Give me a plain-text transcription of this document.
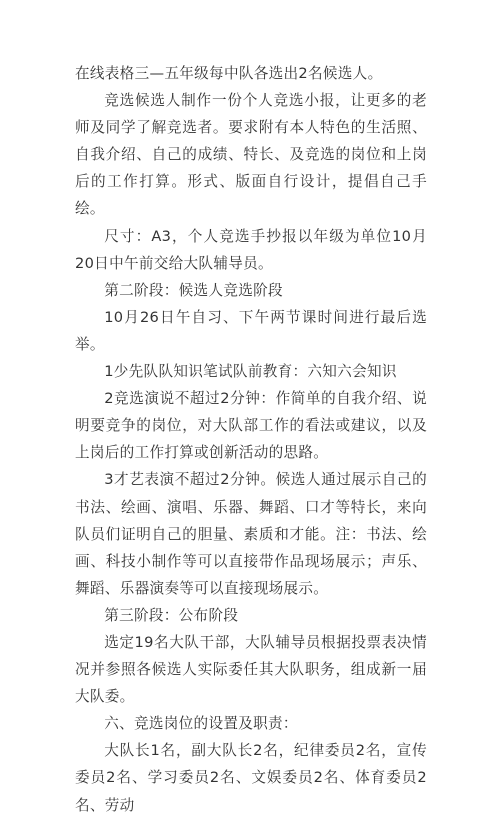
在线表格三—五年级每中队各选出2名候选人。

竞选候选人制作一份个人竞选小报，让更多的老师及同学了解竞选者。要求附有本人特色的生活照、自我介绍、自己的成绩、特长、及竞选的岗位和上岗后的工作打算。形式、版面自行设计，提倡自己手绘。

尺寸：A3，个人竞选手抄报以年级为单位10月20日中午前交给大队辅导员。

第二阶段：候选人竞选阶段

10月26日午自习、下午两节课时间进行最后选举。

1少先队队知识笔试队前教育：六知六会知识

2竞选演说不超过2分钟：作简单的自我介绍、说明要竞争的岗位，对大队部工作的看法或建议，以及上岗后的工作打算或创新活动的思路。

3才艺表演不超过2分钟。候选人通过展示自己的书法、绘画、演唱、乐器、舞蹈、口才等特长，来向队员们证明自己的胆量、素质和才能。注：书法、绘画、科技小制作等可以直接带作品现场展示；声乐、舞蹈、乐器演奏等可以直接现场展示。

第三阶段：公布阶段

选定19名大队干部，大队辅导员根据投票表决情况并参照各候选人实际委任其大队职务，组成新一届大队委。

六、竞选岗位的设置及职责：

大队长1名，副大队长2名，纪律委员2名，宣传委员2名、学习委员2名、文娱委员2名、体育委员2名、劳动
